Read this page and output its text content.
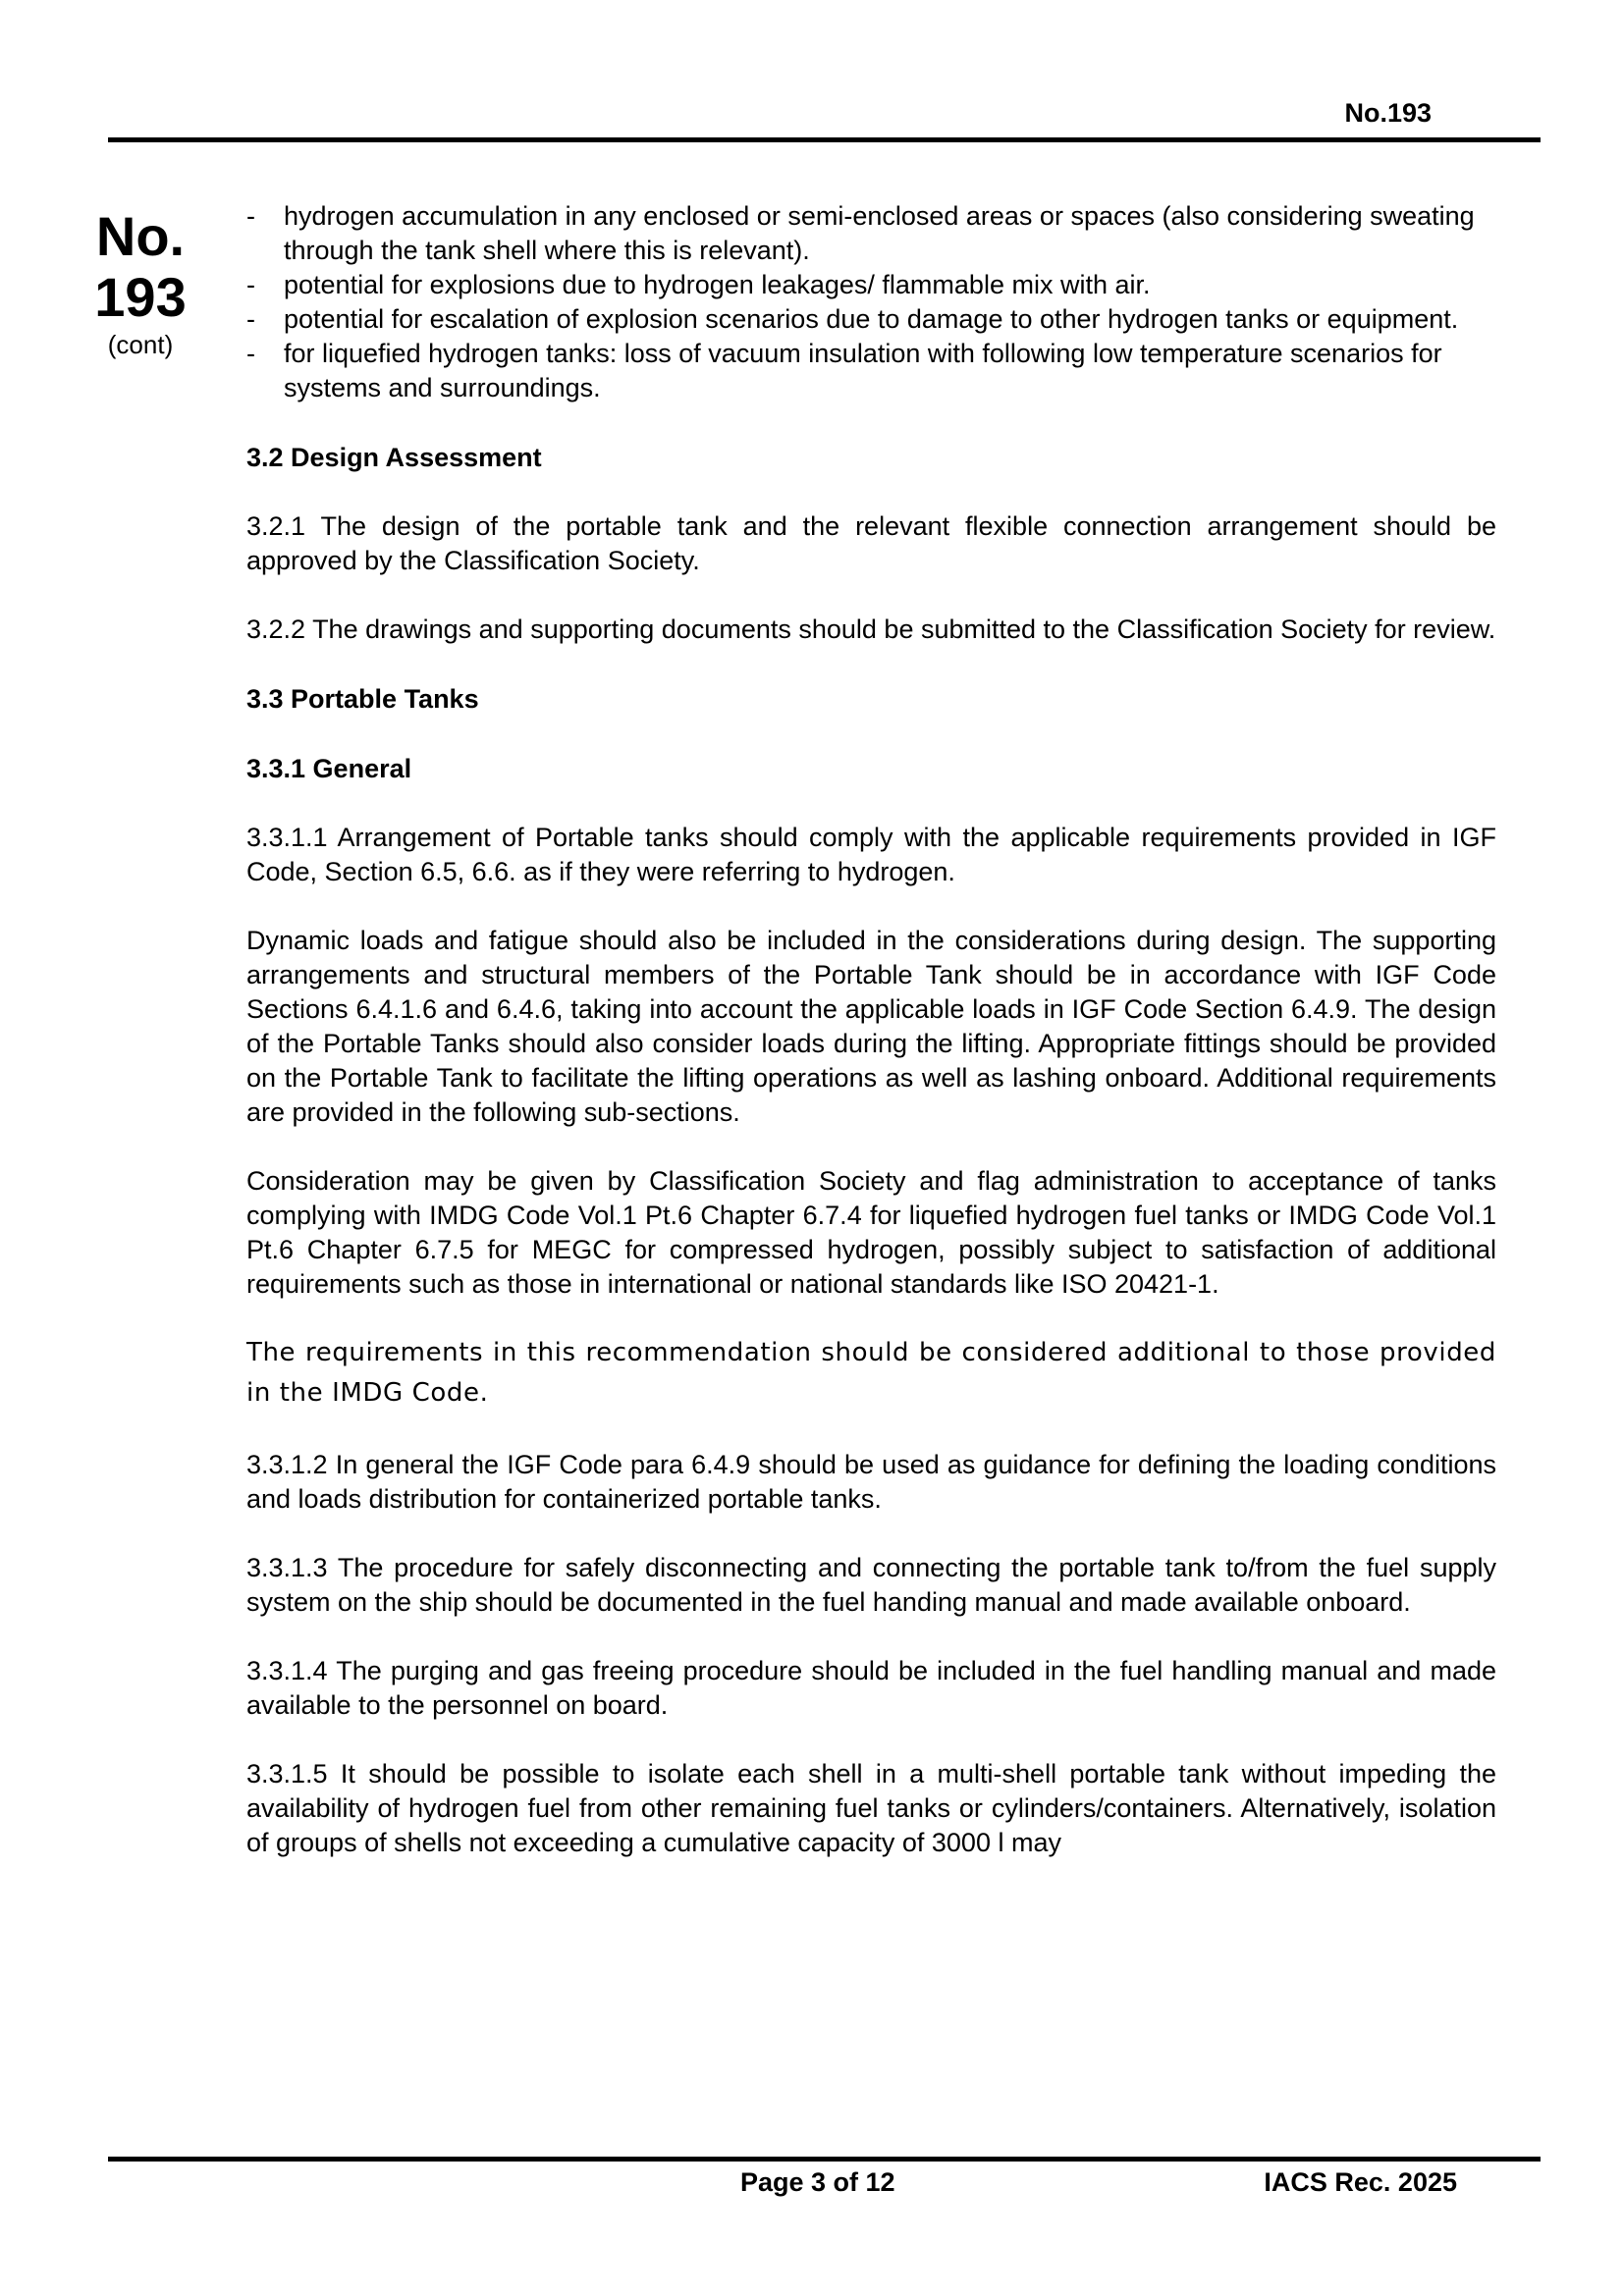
No.193
No.
193
(cont)
-	hydrogen accumulation in any enclosed or semi-enclosed areas or spaces (also considering sweating through the tank shell where this is relevant).
-	potential for explosions due to hydrogen leakages/ flammable mix with air.
-	potential for escalation of explosion scenarios due to damage to other hydrogen tanks or equipment.
-	for liquefied hydrogen tanks: loss of vacuum insulation with following low temperature scenarios for systems and surroundings.
3.2 Design Assessment

3.2.1 The design of the portable tank and the relevant flexible connection arrangement should be approved by the Classification Society.

3.2.2 The drawings and supporting documents should be submitted to the Classification Society for review.

3.3 Portable Tanks
3.3.1 General

3.3.1.1 Arrangement of Portable tanks should comply with the applicable requirements provided in IGF Code, Section 6.5, 6.6. as if they were referring to hydrogen.

Dynamic loads and fatigue should also be included in the considerations during design. The supporting arrangements and structural members of the Portable Tank should be in accordance with IGF Code Sections 6.4.1.6 and 6.4.6, taking into account the applicable loads in IGF Code Section 6.4.9. The design of the Portable Tanks should also consider loads during the lifting. Appropriate fittings should be provided on the Portable Tank to facilitate the lifting operations as well as lashing onboard. Additional requirements are provided in the following sub-sections.

Consideration may be given by Classification Society and flag administration to acceptance of tanks complying with IMDG Code Vol.1 Pt.6 Chapter 6.7.4 for liquefied hydrogen fuel tanks or IMDG Code Vol.1 Pt.6 Chapter 6.7.5 for MEGC for compressed hydrogen, possibly subject to satisfaction of additional requirements such as those in international or national standards like ISO 20421-1.

The requirements in this recommendation should be considered additional to those provided in the IMDG Code.

3.3.1.2 In general the IGF Code para 6.4.9 should be used as guidance for defining the loading conditions and loads distribution for containerized portable tanks.

3.3.1.3 The procedure for safely disconnecting and connecting the portable tank to/from the fuel supply system on the ship should be documented in the fuel handing manual and made available onboard.

3.3.1.4 The purging and gas freeing procedure should be included in the fuel handling manual and made available to the personnel on board.

3.3.1.5 It should be possible to isolate each shell in a multi-shell portable tank without impeding the availability of hydrogen fuel from other remaining fuel tanks or cylinders/containers. Alternatively, isolation of groups of shells not exceeding a cumulative capacity of 3000 l may

Page 3 of 12	IACS Rec. 2025
